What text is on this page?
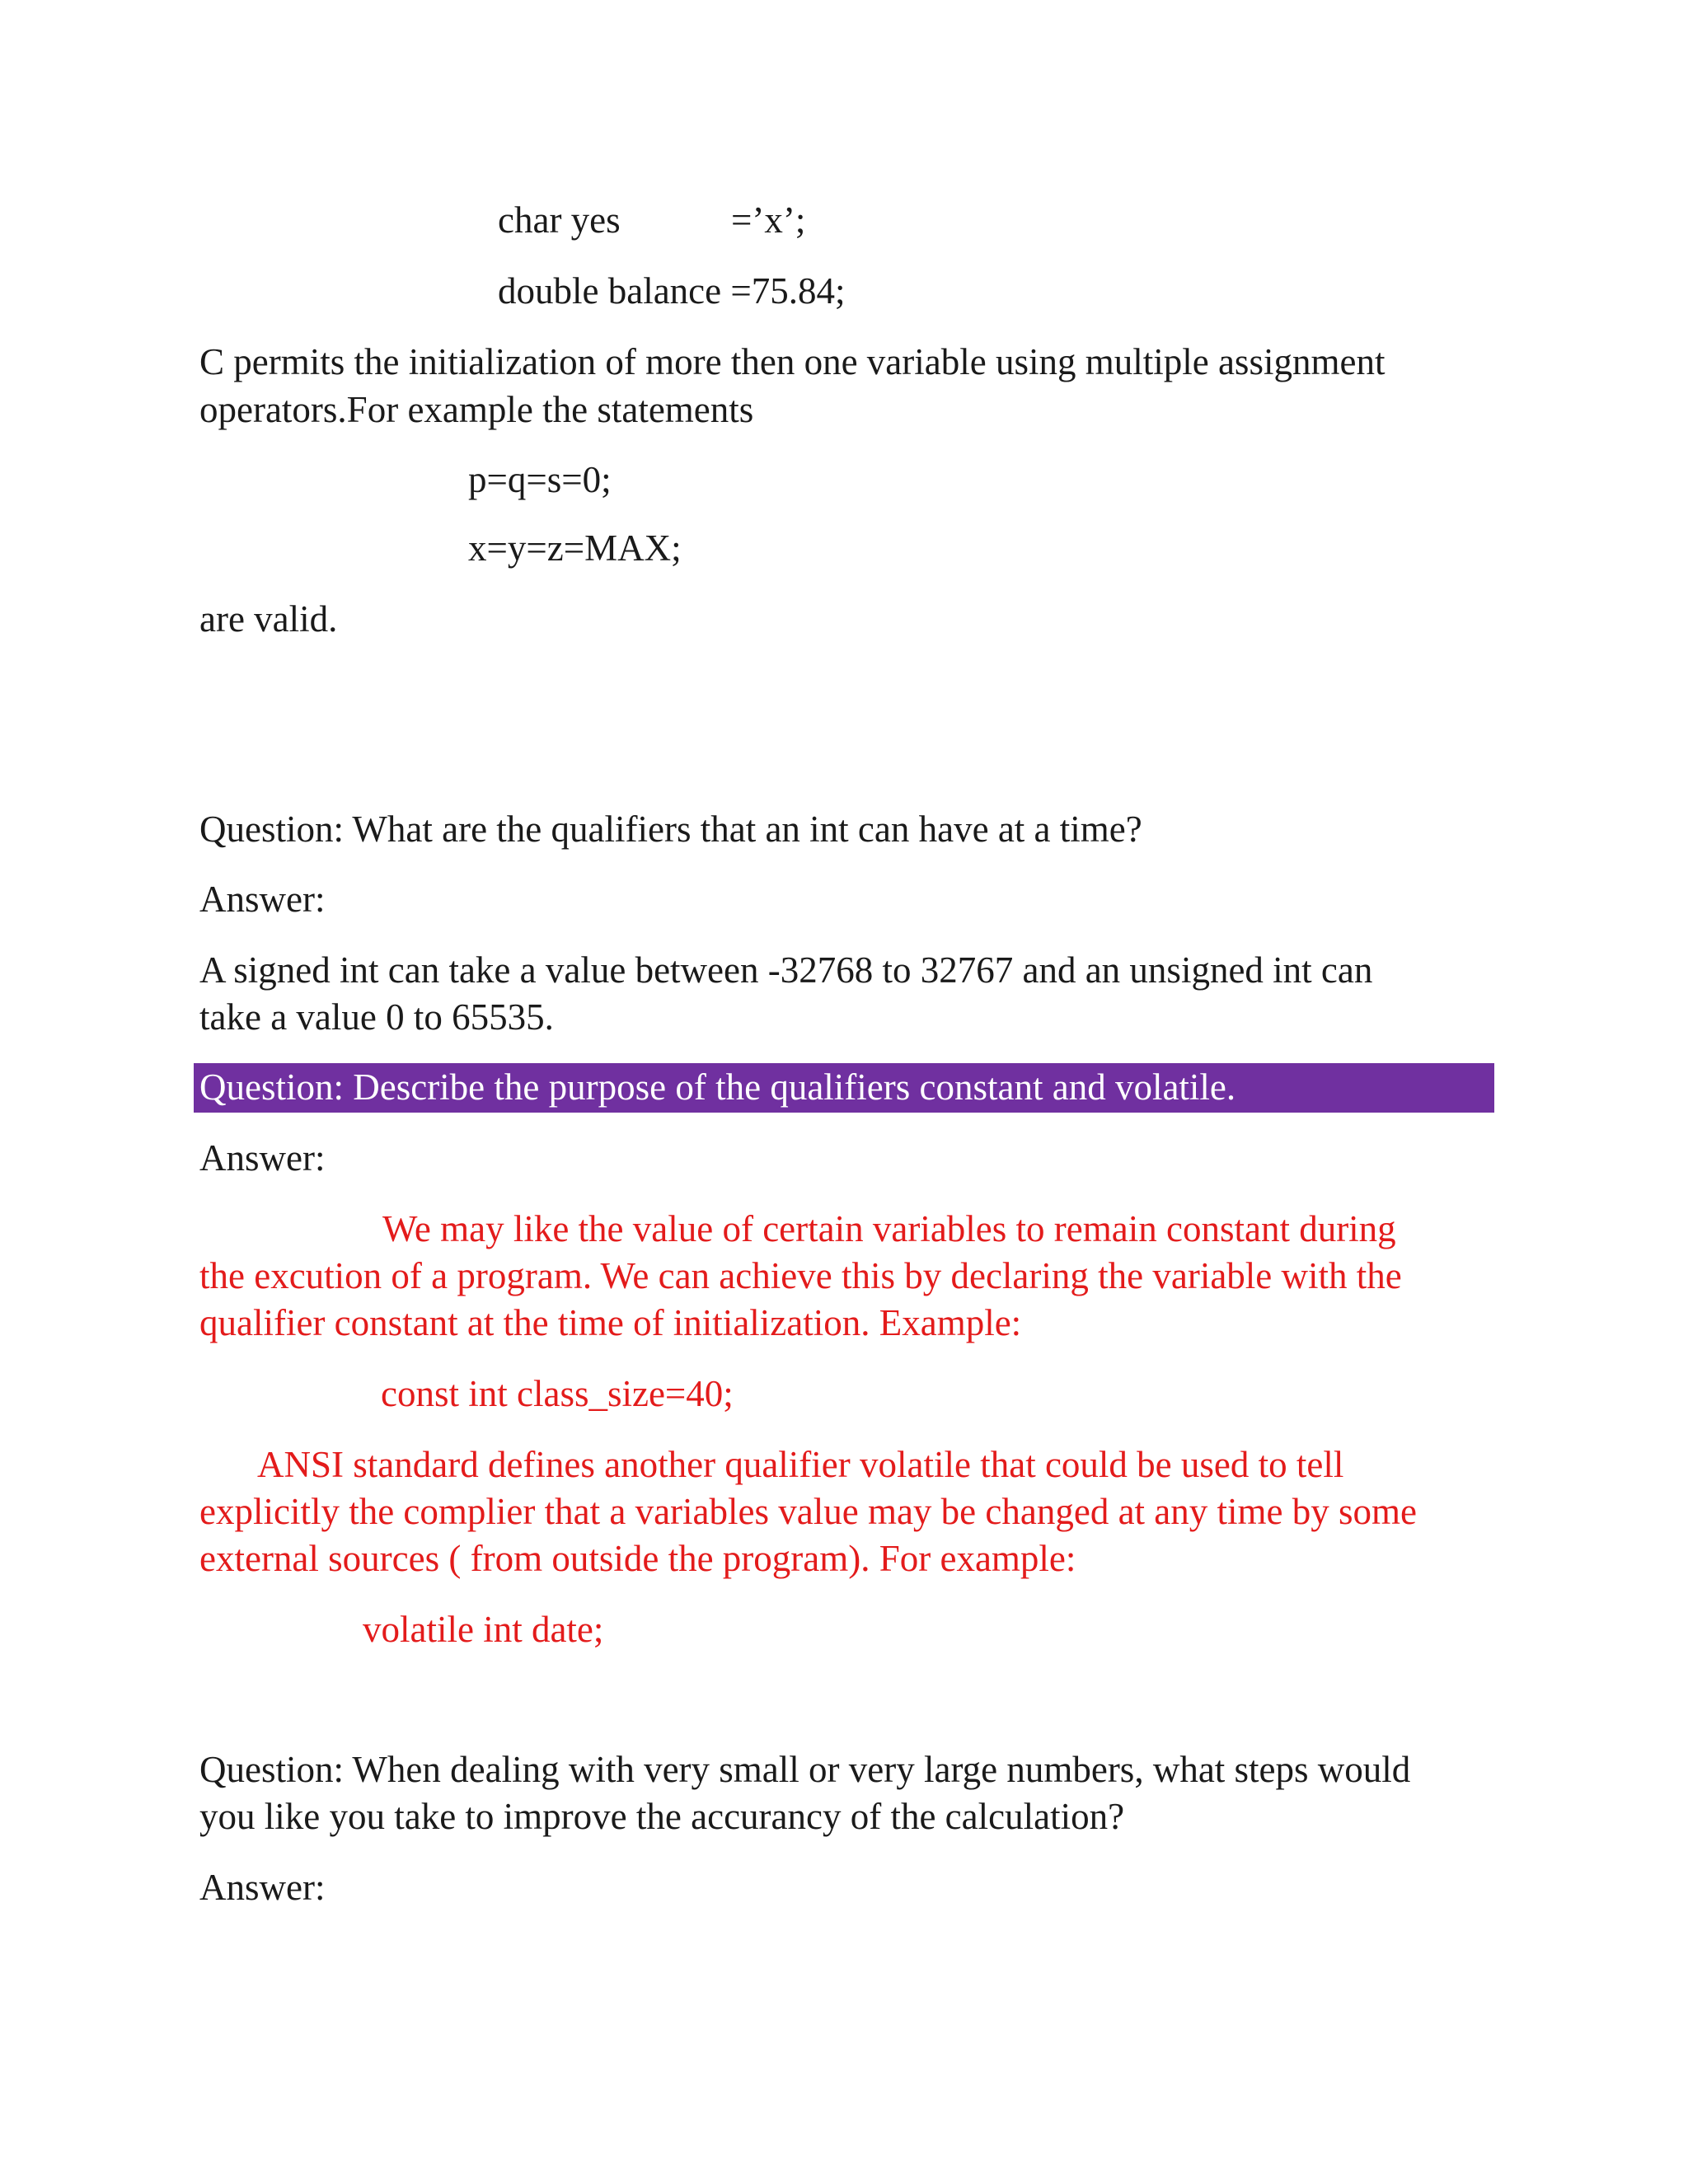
char yes	=’x’;
double balance =75.84;
C permits the initialization of more then one variable using multiple assignment
operators.For example the statements
p=q=s=0;
x=y=z=MAX;
are valid.
Question: What are the qualifiers that an int can have at a time?
Answer:
A signed int can take a value between -32768 to 32767 and an unsigned int can
take a value 0 to 65535.
Question: Describe the purpose of the qualifiers constant and volatile.
Answer:
We may like the value of certain variables to remain constant during
the excution of a program. We can achieve this by declaring the variable with the
qualifier constant at the time of initialization. Example:
const int class_size=40;
ANSI standard defines another qualifier volatile that could be used to tell
explicitly the complier that a variables value may be changed at any time by some
external sources ( from outside the program). For example:
volatile int date;
Question: When dealing with very small or very large numbers, what steps would
you like you take to improve the accurancy of the calculation?
Answer:
